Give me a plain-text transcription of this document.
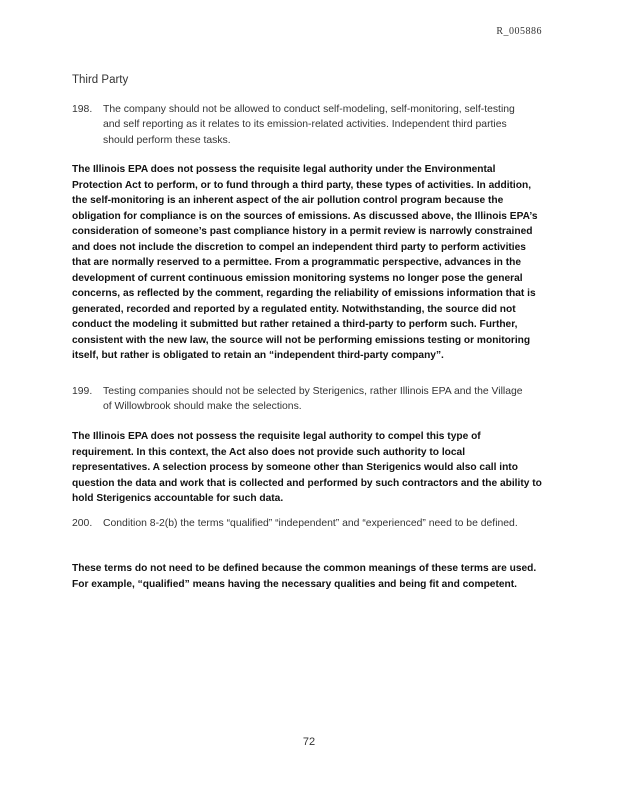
R_005886
Third Party
198.	The company should not be allowed to conduct self-modeling, self-monitoring, self-testing and self reporting as it relates to its emission-related activities. Independent third parties should perform these tasks.
The Illinois EPA does not possess the requisite legal authority under the Environmental Protection Act to perform, or to fund through a third party, these types of activities. In addition, the self-monitoring is an inherent aspect of the air pollution control program because the obligation for compliance is on the sources of emissions. As discussed above, the Illinois EPA’s consideration of someone’s past compliance history in a permit review is narrowly constrained and does not include the discretion to compel an independent third party to perform activities that are normally reserved to a permittee. From a programmatic perspective, advances in the development of current continuous emission monitoring systems no longer pose the general concerns, as reflected by the comment, regarding the reliability of emissions information that is generated, recorded and reported by a regulated entity. Notwithstanding, the source did not conduct the modeling it submitted but rather retained a third-party to perform such. Further, consistent with the new law, the source will not be performing emissions testing or monitoring itself, but rather is obligated to retain an “independent third-party company”.
199.	Testing companies should not be selected by Sterigenics, rather Illinois EPA and the Village of Willowbrook should make the selections.
The Illinois EPA does not possess the requisite legal authority to compel this type of requirement. In this context, the Act also does not provide such authority to local representatives. A selection process by someone other than Sterigenics would also call into question the data and work that is collected and performed by such contractors and the ability to hold Sterigenics accountable for such data.
200.	Condition 8-2(b) the terms “qualified” “independent” and “experienced” need to be defined.
These terms do not need to be defined because the common meanings of these terms are used. For example, “qualified” means having the necessary qualities and being fit and competent.
72
